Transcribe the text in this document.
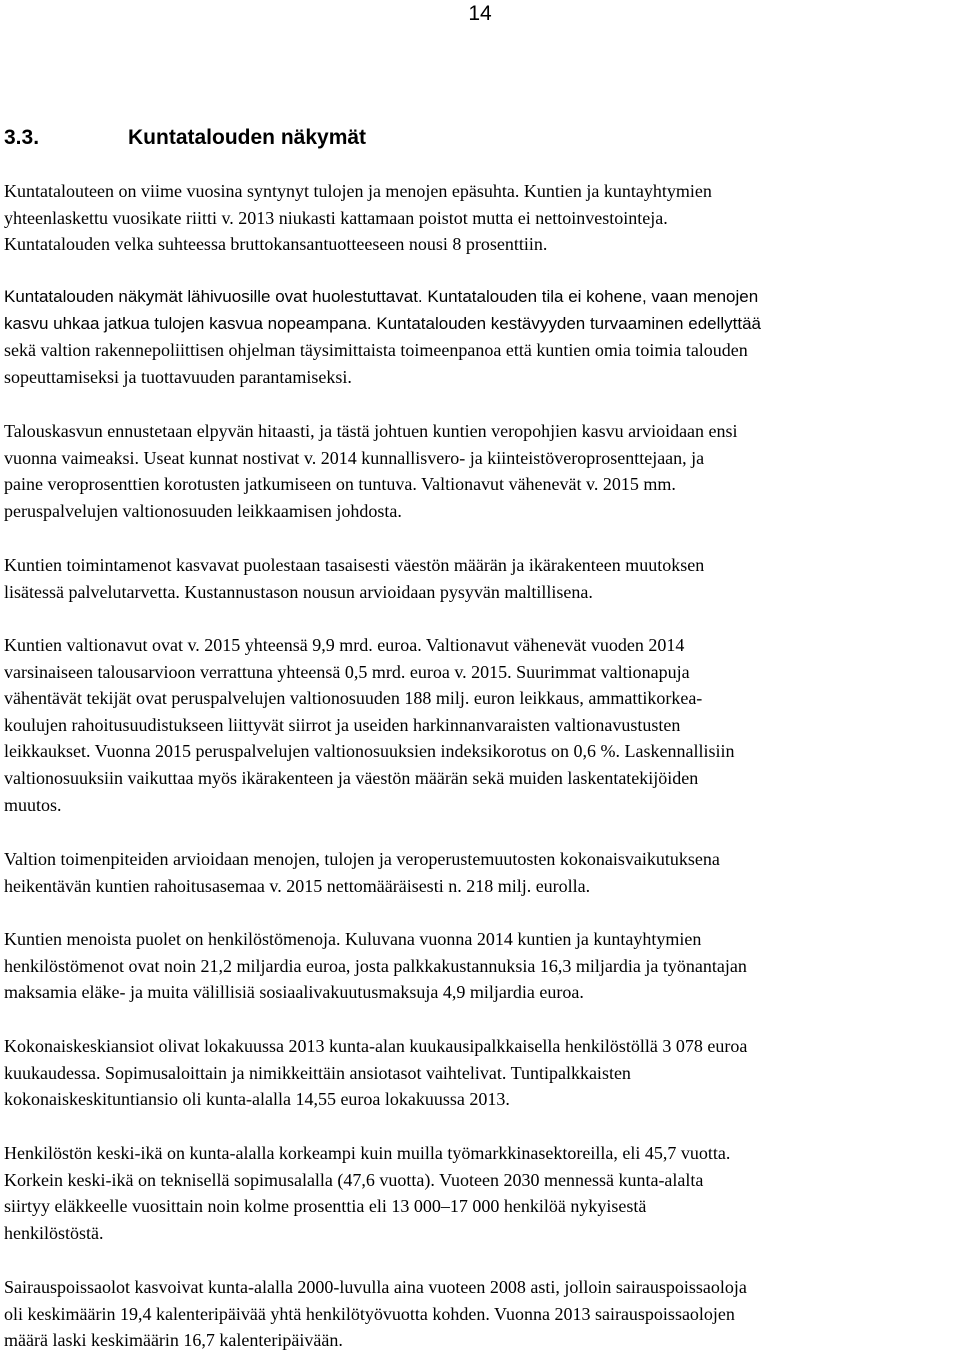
14
3.3.	Kuntatalouden näkymät

Kuntatalouteen on viime vuosina syntynyt tulojen ja menojen epäsuhta. Kuntien ja kuntayhtymien
yhteenlaskettu vuosikate riitti v. 2013 niukasti kattamaan poistot mutta ei nettoinvestointeja.
Kuntatalouden velka suhteessa bruttokansantuotteeseen nousi 8 prosenttiin.

Kuntatalouden näkymät lähivuosille ovat huolestuttavat. Kuntatalouden tila ei kohene, vaan menojen
kasvu uhkaa jatkua tulojen kasvua nopeampana. Kuntatalouden kestävyyden turvaaminen edellyttää
sekä valtion rakennepoliittisen ohjelman täysimittaista toimeenpanoa että kuntien omia toimia talouden
sopeuttamiseksi ja tuottavuuden parantamiseksi.

Talouskasvun ennustetaan elpyvän hitaasti, ja tästä johtuen kuntien veropohjien kasvu arvioidaan ensi
vuonna vaimeaksi. Useat kunnat nostivat v. 2014 kunnallisvero- ja kiinteistöveroprosenttejaan, ja
paine veroprosenttien korotusten jatkumiseen on tuntuva. Valtionavut vähenevät v. 2015 mm.
peruspalvelujen valtionosuuden leikkaamisen johdosta.

Kuntien toimintamenot kasvavat puolestaan tasaisesti väestön määrän ja ikärakenteen muutoksen
lisätessä palvelutarvetta. Kustannustason nousun arvioidaan pysyvän maltillisena.

Kuntien valtionavut ovat v. 2015 yhteensä 9,9 mrd. euroa. Valtionavut vähenevät vuoden 2014
varsinaiseen talousarvioon verrattuna yhteensä 0,5 mrd. euroa v. 2015. Suurimmat valtionapuja
vähentävät tekijät ovat peruspalvelujen valtionosuuden 188 milj. euron leikkaus, ammattikorkea-
koulujen rahoitusuudistukseen liittyvät siirrot ja useiden harkinnanvaraisten valtionavustusten
leikkaukset. Vuonna 2015 peruspalvelujen valtionosuuksien indeksikorotus on 0,6 %. Laskennallisiin
valtionosuuksiin vaikuttaa myös ikärakenteen ja väestön määrän sekä muiden laskentatekijöiden
muutos.

Valtion toimenpiteiden arvioidaan menojen, tulojen ja veroperustemuutosten kokonaisvaikutuksena
heikentävän kuntien rahoitusasemaa v. 2015 nettomääräisesti n. 218 milj. eurolla.

Kuntien menoista puolet on henkilöstömenoja. Kuluvana vuonna 2014 kuntien ja kuntayhtymien
henkilöstömenot ovat noin 21,2 miljardia euroa, josta palkkakustannuksia 16,3 miljardia ja työnantajan
maksamia eläke- ja muita välillisiä sosiaalivakuutusmaksuja 4,9 miljardia euroa.

Kokonaiskeskiansiot olivat lokakuussa 2013 kunta-alan kuukausipalkkaisella henkilöstöllä 3 078 euroa
kuukaudessa. Sopimusaloittain ja nimikkeittäin ansiotasot vaihtelivat. Tuntipalkkaisten
kokonaiskeskituntiansio oli kunta-alalla 14,55 euroa lokakuussa 2013.

Henkilöstön keski-ikä on kunta-alalla korkeampi kuin muilla työmarkkinasektoreilla, eli 45,7 vuotta.
Korkein keski-ikä on teknisellä sopimusalalla (47,6 vuotta). Vuoteen 2030 mennessä kunta-alalta
siirtyy eläkkeelle vuosittain noin kolme prosenttia eli 13 000–17 000 henkilöä nykyisestä
henkilöstöstä.

Sairauspoissaolot kasvoivat kunta-alalla 2000-luvulla aina vuoteen 2008 asti, jolloin sairauspoissaoloja
oli keskimäärin 19,4 kalenteripäivää yhtä henkilötyövuotta kohden. Vuonna 2013 sairauspoissaolojen
määrä laski keskimäärin 16,7 kalenteripäivään.
